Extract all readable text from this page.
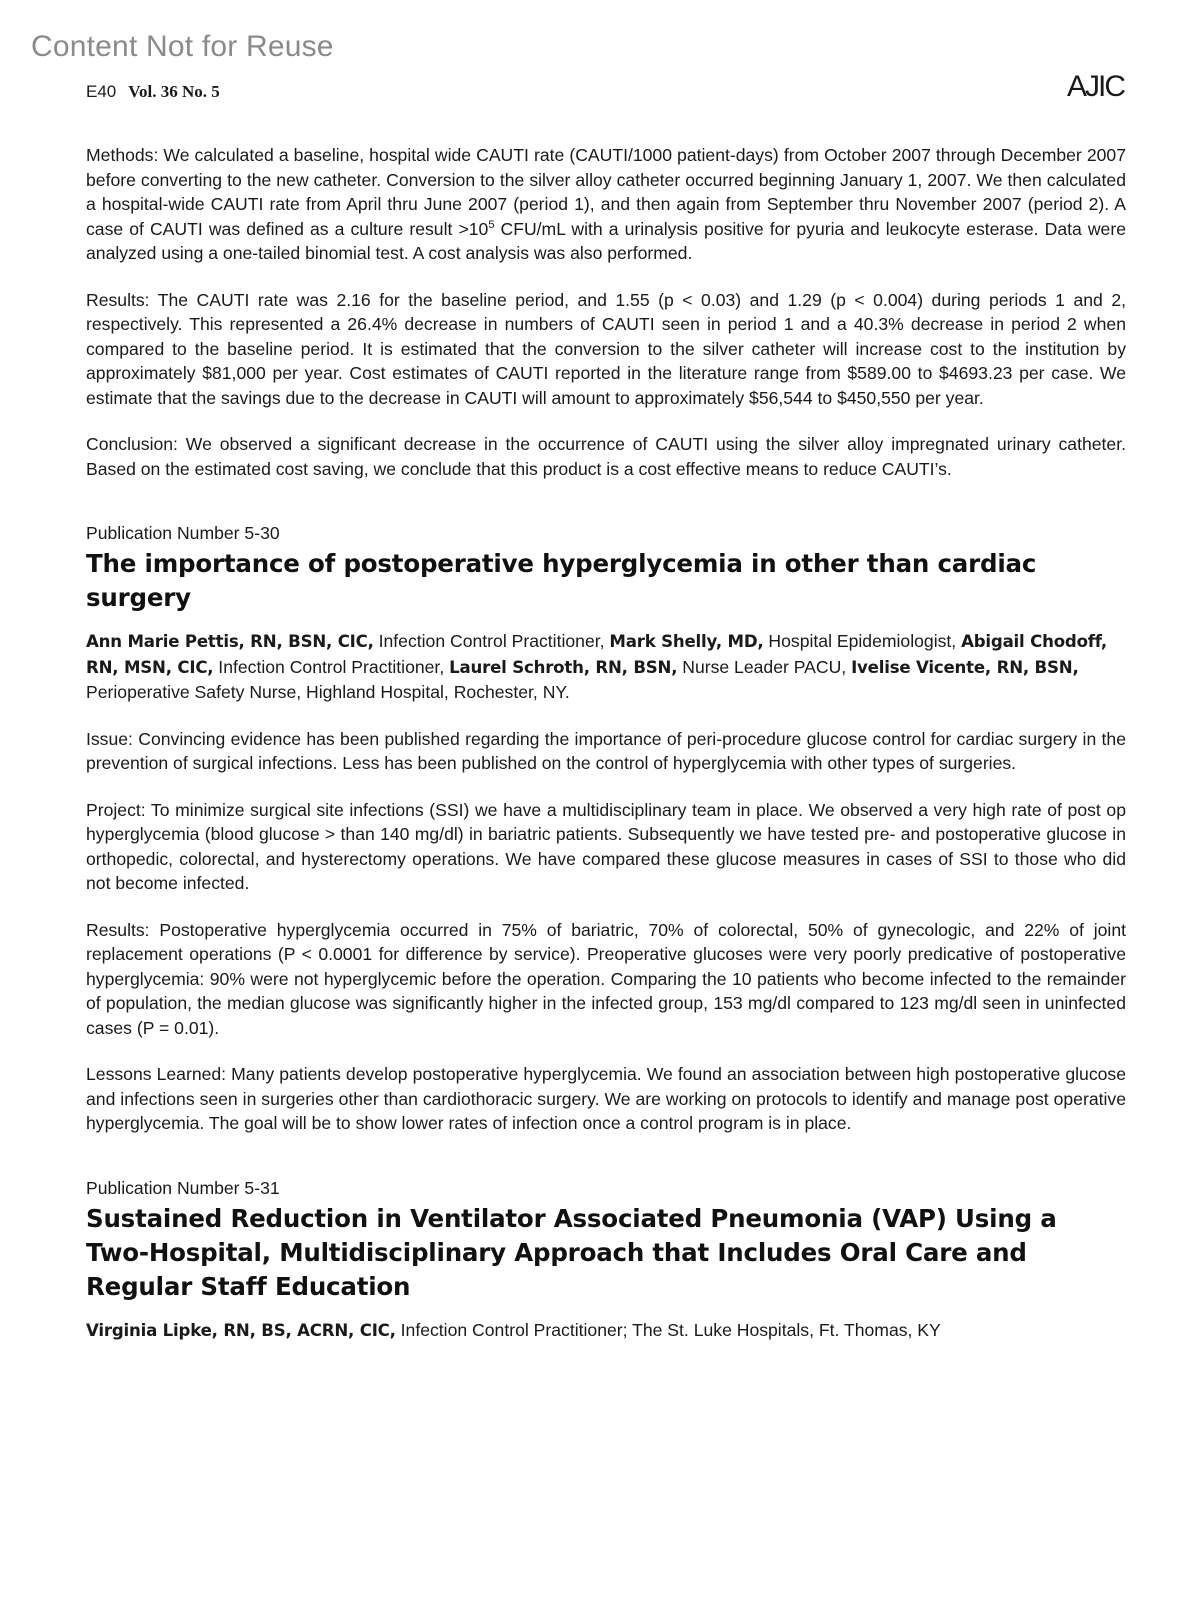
Content Not for Reuse
E40 Vol. 36 No. 5	AJIC

Methods: We calculated a baseline, hospital wide CAUTI rate (CAUTI/1000 patient-days) from October 2007 through December 2007 before converting to the new catheter. Conversion to the silver alloy catheter occurred beginning January 1, 2007. We then calculated a hospital-wide CAUTI rate from April thru June 2007 (period 1), and then again from September thru November 2007 (period 2). A case of CAUTI was defined as a culture result $>10^5$ CFU/mL with a urinalysis positive for pyuria and leukocyte esterase. Data were analyzed using a one-tailed binomial test. A cost analysis was also performed.

Results: The CAUTI rate was 2.16 for the baseline period, and 1.55 (p < 0.03) and 1.29 (p < 0.004) during periods 1 and 2, respectively. This represented a 26.4% decrease in numbers of CAUTI seen in period 1 and a 40.3% decrease in period 2 when compared to the baseline period. It is estimated that the conversion to the silver catheter will increase cost to the institution by approximately $81,000 per year. Cost estimates of CAUTI reported in the literature range from $589.00 to $4693.23 per case. We estimate that the savings due to the decrease in CAUTI will amount to approximately $56,544 to $450,550 per year.

Conclusion: We observed a significant decrease in the occurrence of CAUTI using the silver alloy impregnated urinary catheter. Based on the estimated cost saving, we conclude that this product is a cost effective means to reduce CAUTI’s.

Publication Number 5-30
The importance of postoperative hyperglycemia in other than cardiac surgery

Ann Marie Pettis, RN, BSN, CIC, Infection Control Practitioner, Mark Shelly, MD, Hospital Epidemiologist, Abigail Chodoff, RN, MSN, CIC, Infection Control Practitioner, Laurel Schroth, RN, BSN, Nurse Leader PACU, Ivelise Vicente, RN, BSN, Perioperative Safety Nurse, Highland Hospital, Rochester, NY.

Issue: Convincing evidence has been published regarding the importance of peri-procedure glucose control for cardiac surgery in the prevention of surgical infections. Less has been published on the control of hyperglycemia with other types of surgeries.

Project: To minimize surgical site infections (SSI) we have a multidisciplinary team in place. We observed a very high rate of post op hyperglycemia (blood glucose > than 140 mg/dl) in bariatric patients. Subsequently we have tested pre- and postoperative glucose in orthopedic, colorectal, and hysterectomy operations. We have compared these glucose measures in cases of SSI to those who did not become infected.

Results: Postoperative hyperglycemia occurred in 75% of bariatric, 70% of colorectal, 50% of gynecologic, and 22% of joint replacement operations (P < 0.0001 for difference by service). Preoperative glucoses were very poorly predicative of postoperative hyperglycemia: 90% were not hyperglycemic before the operation. Comparing the 10 patients who become infected to the remainder of population, the median glucose was significantly higher in the infected group, 153 mg/dl compared to 123 mg/dl seen in uninfected cases (P = 0.01).

Lessons Learned: Many patients develop postoperative hyperglycemia. We found an association between high postoperative glucose and infections seen in surgeries other than cardiothoracic surgery. We are working on protocols to identify and manage post operative hyperglycemia. The goal will be to show lower rates of infection once a control program is in place.

Publication Number 5-31
Sustained Reduction in Ventilator Associated Pneumonia (VAP) Using a Two-Hospital, Multidisciplinary Approach that Includes Oral Care and Regular Staff Education

Virginia Lipke, RN, BS, ACRN, CIC, Infection Control Practitioner; The St. Luke Hospitals, Ft. Thomas, KY
